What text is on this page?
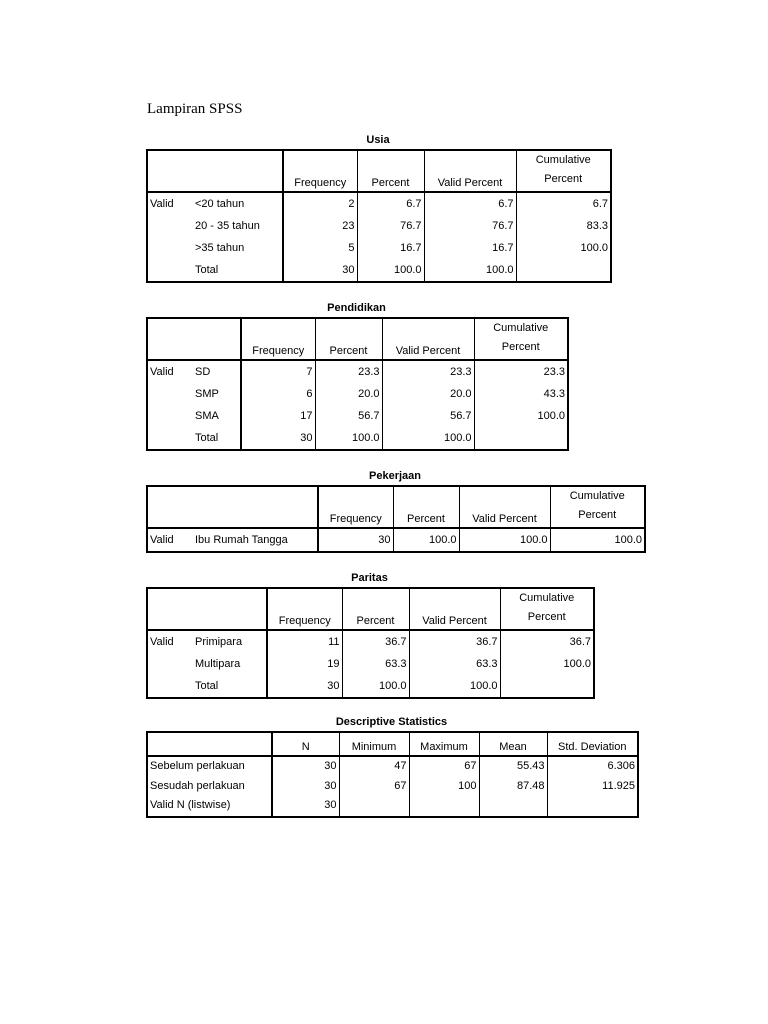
Lampiran SPSS
Usia
		Frequency	Percent	Valid Percent	Cumulative
Percent

Valid	<20 tahun	2	6.7	6.7	6.7
	20 - 35 tahun	23	76.7	76.7	83.3
	>35 tahun	5	16.7	16.7	100.0
	Total	30	100.0	100.0	
Pendidikan
		Frequency	Percent	Valid Percent	Cumulative
Percent

Valid	SD	7	23.3	23.3	23.3
	SMP	6	20.0	20.0	43.3
	SMA	17	56.7	56.7	100.0
	Total	30	100.0	100.0	
Pekerjaan
		Frequency	Percent	Valid Percent	Cumulative
Percent

Valid	Ibu Rumah Tangga	30	100.0	100.0	100.0
Paritas
		Frequency	Percent	Valid Percent	Cumulative
Percent

Valid	Primipara	11	36.7	36.7	36.7
	Multipara	19	63.3	63.3	100.0
	Total	30	100.0	100.0	
Descriptive Statistics
	N	Minimum	Maximum	Mean	Std. Deviation
Sebelum perlakuan	30	47	67	55.43	6.306
Sesudah perlakuan	30	67	100	87.48	11.925
Valid N (listwise)	30				
